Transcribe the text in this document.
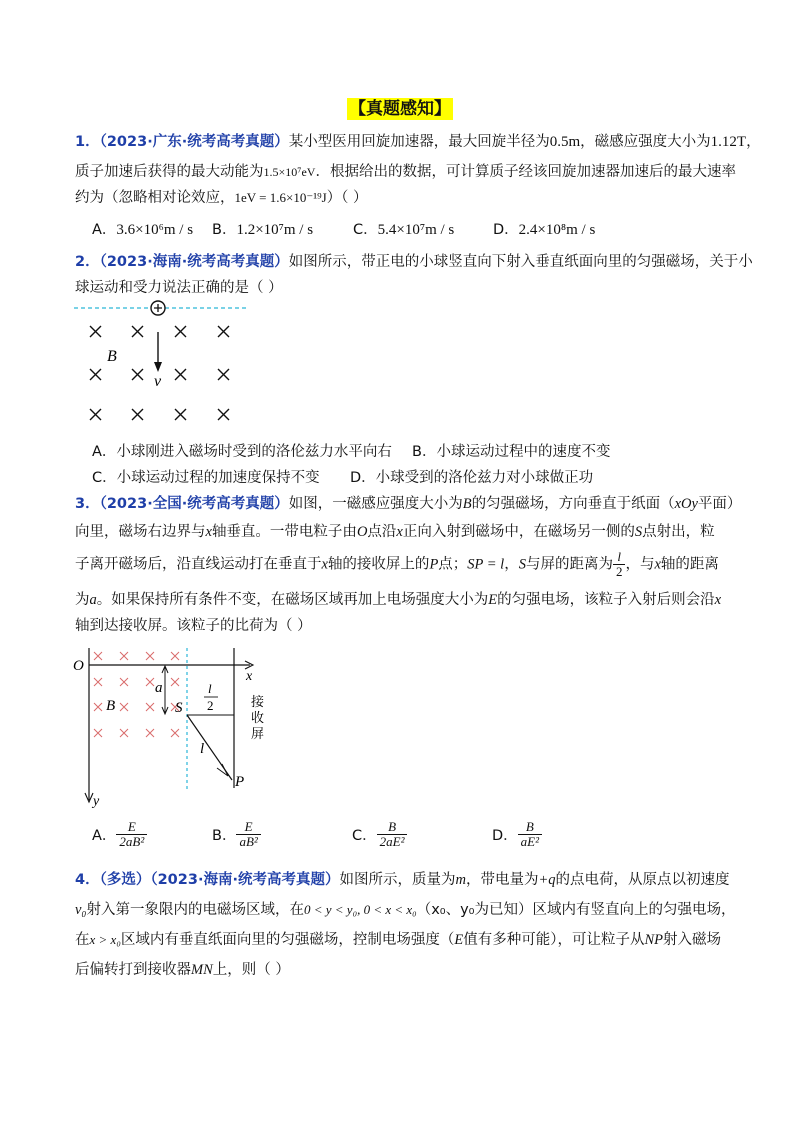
【真题感知】
1．（2023·广东·统考高考真题）某小型医用回旋加速器，最大回旋半径为0.5m，磁感应强度大小为1.12T，
质子加速后获得的最大动能为1.5×10⁷eV．根据给出的数据，可计算质子经该回旋加速器加速后的最大速率
约为（忽略相对论效应，1eV = 1.6×10⁻¹⁹J）（ ）
A．3.6×10⁶m / s B．1.2×10⁷m / s	C．5.4×10⁷m / s	D．2.4×10⁸m / s
2．（2023·海南·统考高考真题）如图所示，带正电的小球竖直向下射入垂直纸面向里的匀强磁场，关于小
球运动和受力说法正确的是（ ）
B
v
A．小球刚进入磁场时受到的洛伦兹力水平向右 B．小球运动过程中的速度不变
C．小球运动过程的加速度保持不变 D．小球受到的洛伦兹力对小球做正功
3．（2023·全国·统考高考真题）如图，一磁感应强度大小为B的匀强磁场，方向垂直于纸面（xOy平面）
向里，磁场右边界与x轴垂直。一带电粒子由O点沿x正向入射到磁场中，在磁场另一侧的S点射出，粒
子离开磁场后，沿直线运动打在垂直于x轴的接收屏上的P点；SP = l，S与屏的距离为 $\frac{l}{2}$ ，与x轴的距离
为a。如果保持所有条件不变，在磁场区域再加上电场强度大小为E的匀强电场，该粒子入射后则会沿x
轴到达接收屏。该粒子的比荷为（ ）
O
x
y
a
B	S
l
2
l
P
接
收
屏
A． $\frac{E}{\text{2aB²}}$	B． $\frac{E}{\text{aB²}}$	C． $\frac{B}{\text{2aE²}}$	D． $\frac{B}{\text{aE²}}$
4．（多选）（2023·海南·统考高考真题）如图所示，质量为m，带电量为+q的点电荷，从原点以初速度
v₀射入第一象限内的电磁场区域，在0 < y < y₀, 0 < x < x₀（x₀、y₀为已知）区域内有竖直向上的匀强电场，
在x > x₀区域内有垂直纸面向里的匀强磁场，控制电场强度（E值有多种可能），可让粒子从NP射入磁场
后偏转打到接收器MN上，则（ ）
